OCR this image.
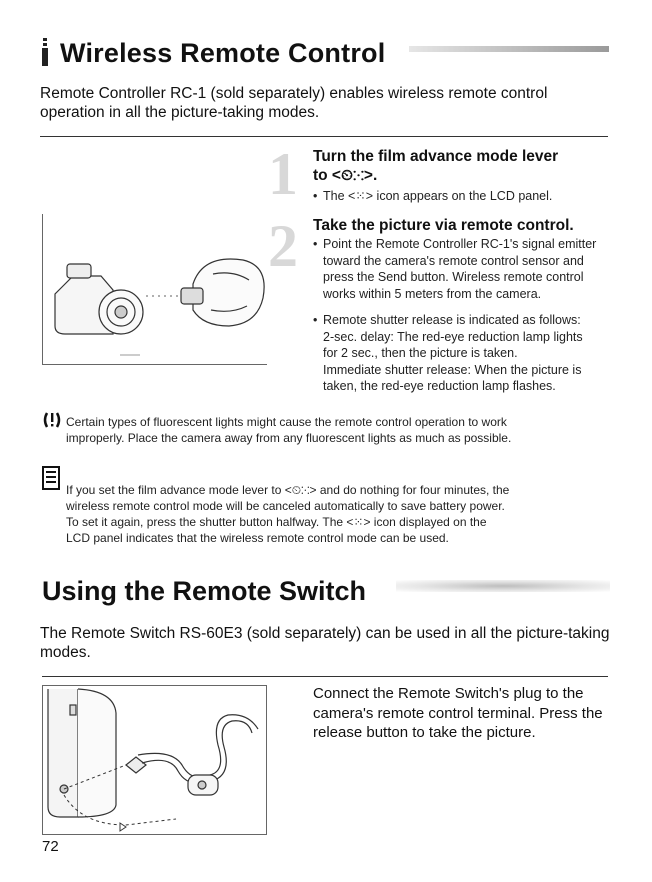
Wireless Remote Control
Remote Controller RC-1 (sold separately) enables wireless remote control operation in all the picture-taking modes.
1 Turn the film advance mode lever
to <⏲⁙>.
• The <⁙> icon appears on the LCD panel.
2 Take the picture via remote control.
• Point the Remote Controller RC-1's signal emitter
toward the camera's remote control sensor and
press the Send button. Wireless remote control
works within 5 meters from the camera.
• Remote shutter release is indicated as follows:
2-sec. delay: The red-eye reduction lamp lights
for 2 sec., then the picture is taken.
Immediate shutter release: When the picture is
taken, the red-eye reduction lamp flashes.
Certain types of fluorescent lights might cause the remote control operation to work
improperly. Place the camera away from any fluorescent lights as much as possible.
If you set the film advance mode lever to <⏲⁙> and do nothing for four minutes, the
wireless remote control mode will be canceled automatically to save battery power.
To set it again, press the shutter button halfway. The <⁙> icon displayed on the
LCD panel indicates that the wireless remote control mode can be used.
Using the Remote Switch
The Remote Switch RS-60E3 (sold separately) can be used in all the picture-taking modes.
Connect the Remote Switch's plug to the camera's remote control terminal. Press the release button to take the picture.
72
